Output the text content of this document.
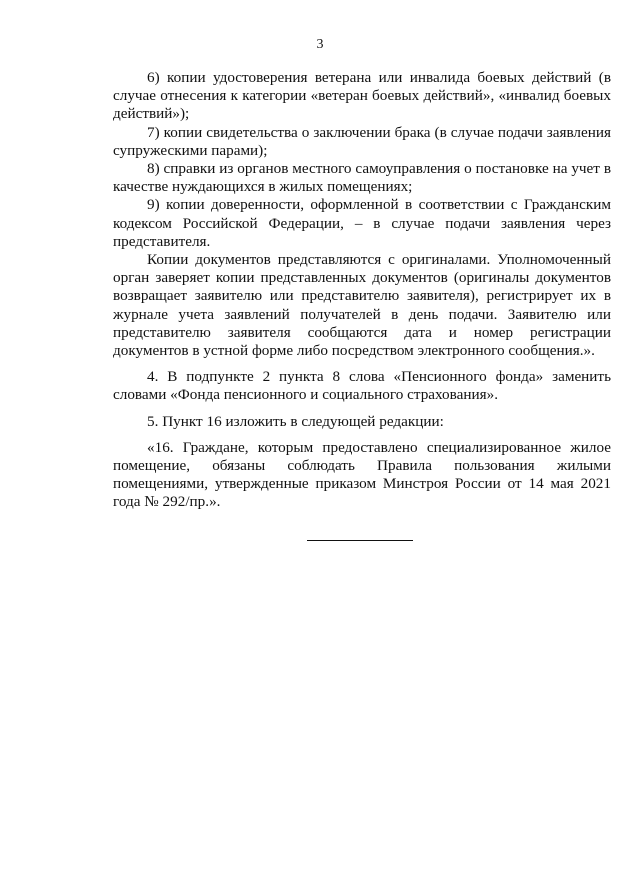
3

6) копии удостоверения ветерана или инвалида боевых действий (в случае отнесения к категории «ветеран боевых действий», «инвалид боевых действий»);

7) копии свидетельства о заключении брака (в случае подачи заявления супружескими парами);

8) справки из органов местного самоуправления о постановке на учет в качестве нуждающихся в жилых помещениях;

9) копии доверенности, оформленной в соответствии с Гражданским кодексом Российской Федерации, – в случае подачи заявления через представителя.

Копии документов представляются с оригиналами. Уполномоченный орган заверяет копии представленных документов (оригиналы документов возвращает заявителю или представителю заявителя), регистрирует их в журнале учета заявлений получателей в день подачи. Заявителю или представителю заявителя сообщаются дата и номер регистрации документов в устной форме либо посредством электронного сообщения.».

4. В подпункте 2 пункта 8 слова «Пенсионного фонда» заменить словами «Фонда пенсионного и социального страхования».

5. Пункт 16 изложить в следующей редакции:

«16. Граждане, которым предоставлено специализированное жилое помещение, обязаны соблюдать Правила пользования жилыми помещениями, утвержденные приказом Минстроя России от 14 мая 2021 года № 292/пр.».
